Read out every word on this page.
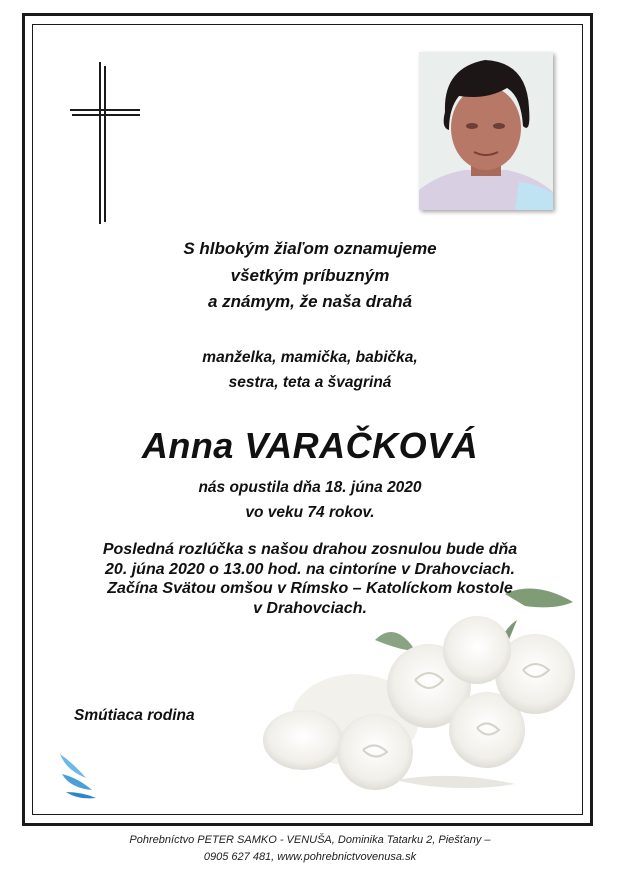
S hlbokým žiaľom oznamujeme
všetkým príbuzným
a známym, že naša drahá
manželka, mamička, babička,
sestra, teta a švagriná
Anna VARAČKOVÁ
nás opustila dňa 18. júna 2020
vo veku 74 rokov.
Posledná rozlúčka s našou drahou zosnulou bude dňa
20. júna 2020 o 13.00 hod. na cintoríne v Drahovciach.
Začína Svätou omšou v Rímsko – Katolíckom kostole
v Drahovciach.
Smútiaca rodina
Pohrebníctvo PETER SAMKO - VENUŠA, Dominika Tatarku 2, Piešťany –
0905 627 481, www.pohrebnictvovenusa.sk
